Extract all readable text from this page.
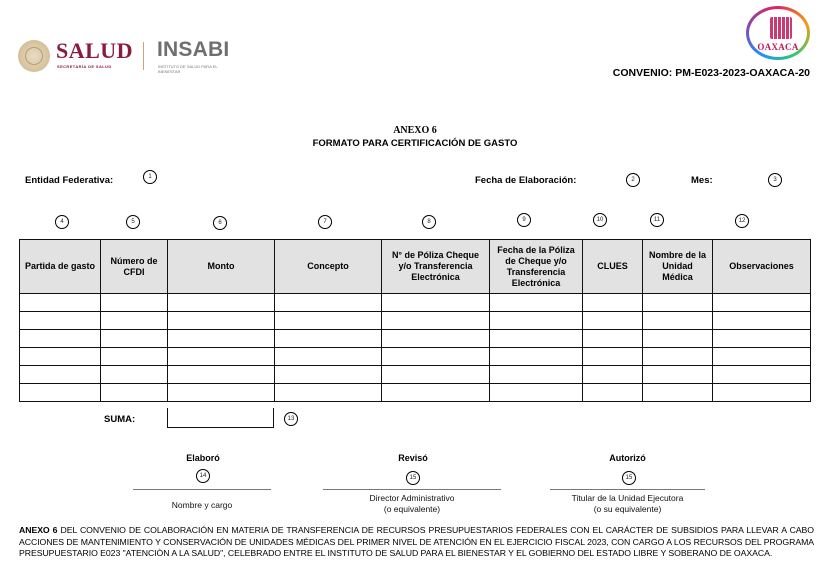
SALUD
SECRETARÍA DE SALUD
INSABI
INSTITUTO DE SALUD PARA EL BIENESTAR
OAXACA
CONVENIO: PM-E023-2023-OAXACA-20
ANEXO 6
FORMATO PARA CERTIFICACIÓN DE GASTO
Entidad Federativa:	1	Fecha de Elaboración:	2	Mes:	3
4	5	6	7	8	9	10	11	12
Partida de gasto	Número de CFDI	Monto	Concepto	N° de Póliza Cheque y/o Transferencia Electrónica	Fecha de la Póliza de Cheque y/o Transferencia Electrónica	CLUES	Nombre de la Unidad Médica	Observaciones

SUMA:	13
Elaboró
14
Nombre y cargo
Revisó
15
Director Administrativo
(o equivalente)
Autorizó
15
Titular de la Unidad Ejecutora
(o su equivalente)
ANEXO 6 DEL CONVENIO DE COLABORACIÓN EN MATERIA DE TRANSFERENCIA DE RECURSOS PRESUPUESTARIOS FEDERALES CON EL CARÁCTER DE SUBSIDIOS PARA LLEVAR A CABO ACCIONES DE MANTENIMIENTO Y CONSERVACIÓN DE UNIDADES MÉDICAS DEL PRIMER NIVEL DE ATENCIÓN EN EL EJERCICIO FISCAL 2023, CON CARGO A LOS RECURSOS DEL PROGRAMA PRESUPUESTARIO E023 "ATENCIÒN A LA SALUD", CELEBRADO ENTRE EL INSTITUTO DE SALUD PARA EL BIENESTAR Y EL GOBIERNO DEL ESTADO LIBRE Y SOBERANO DE OAXACA.
